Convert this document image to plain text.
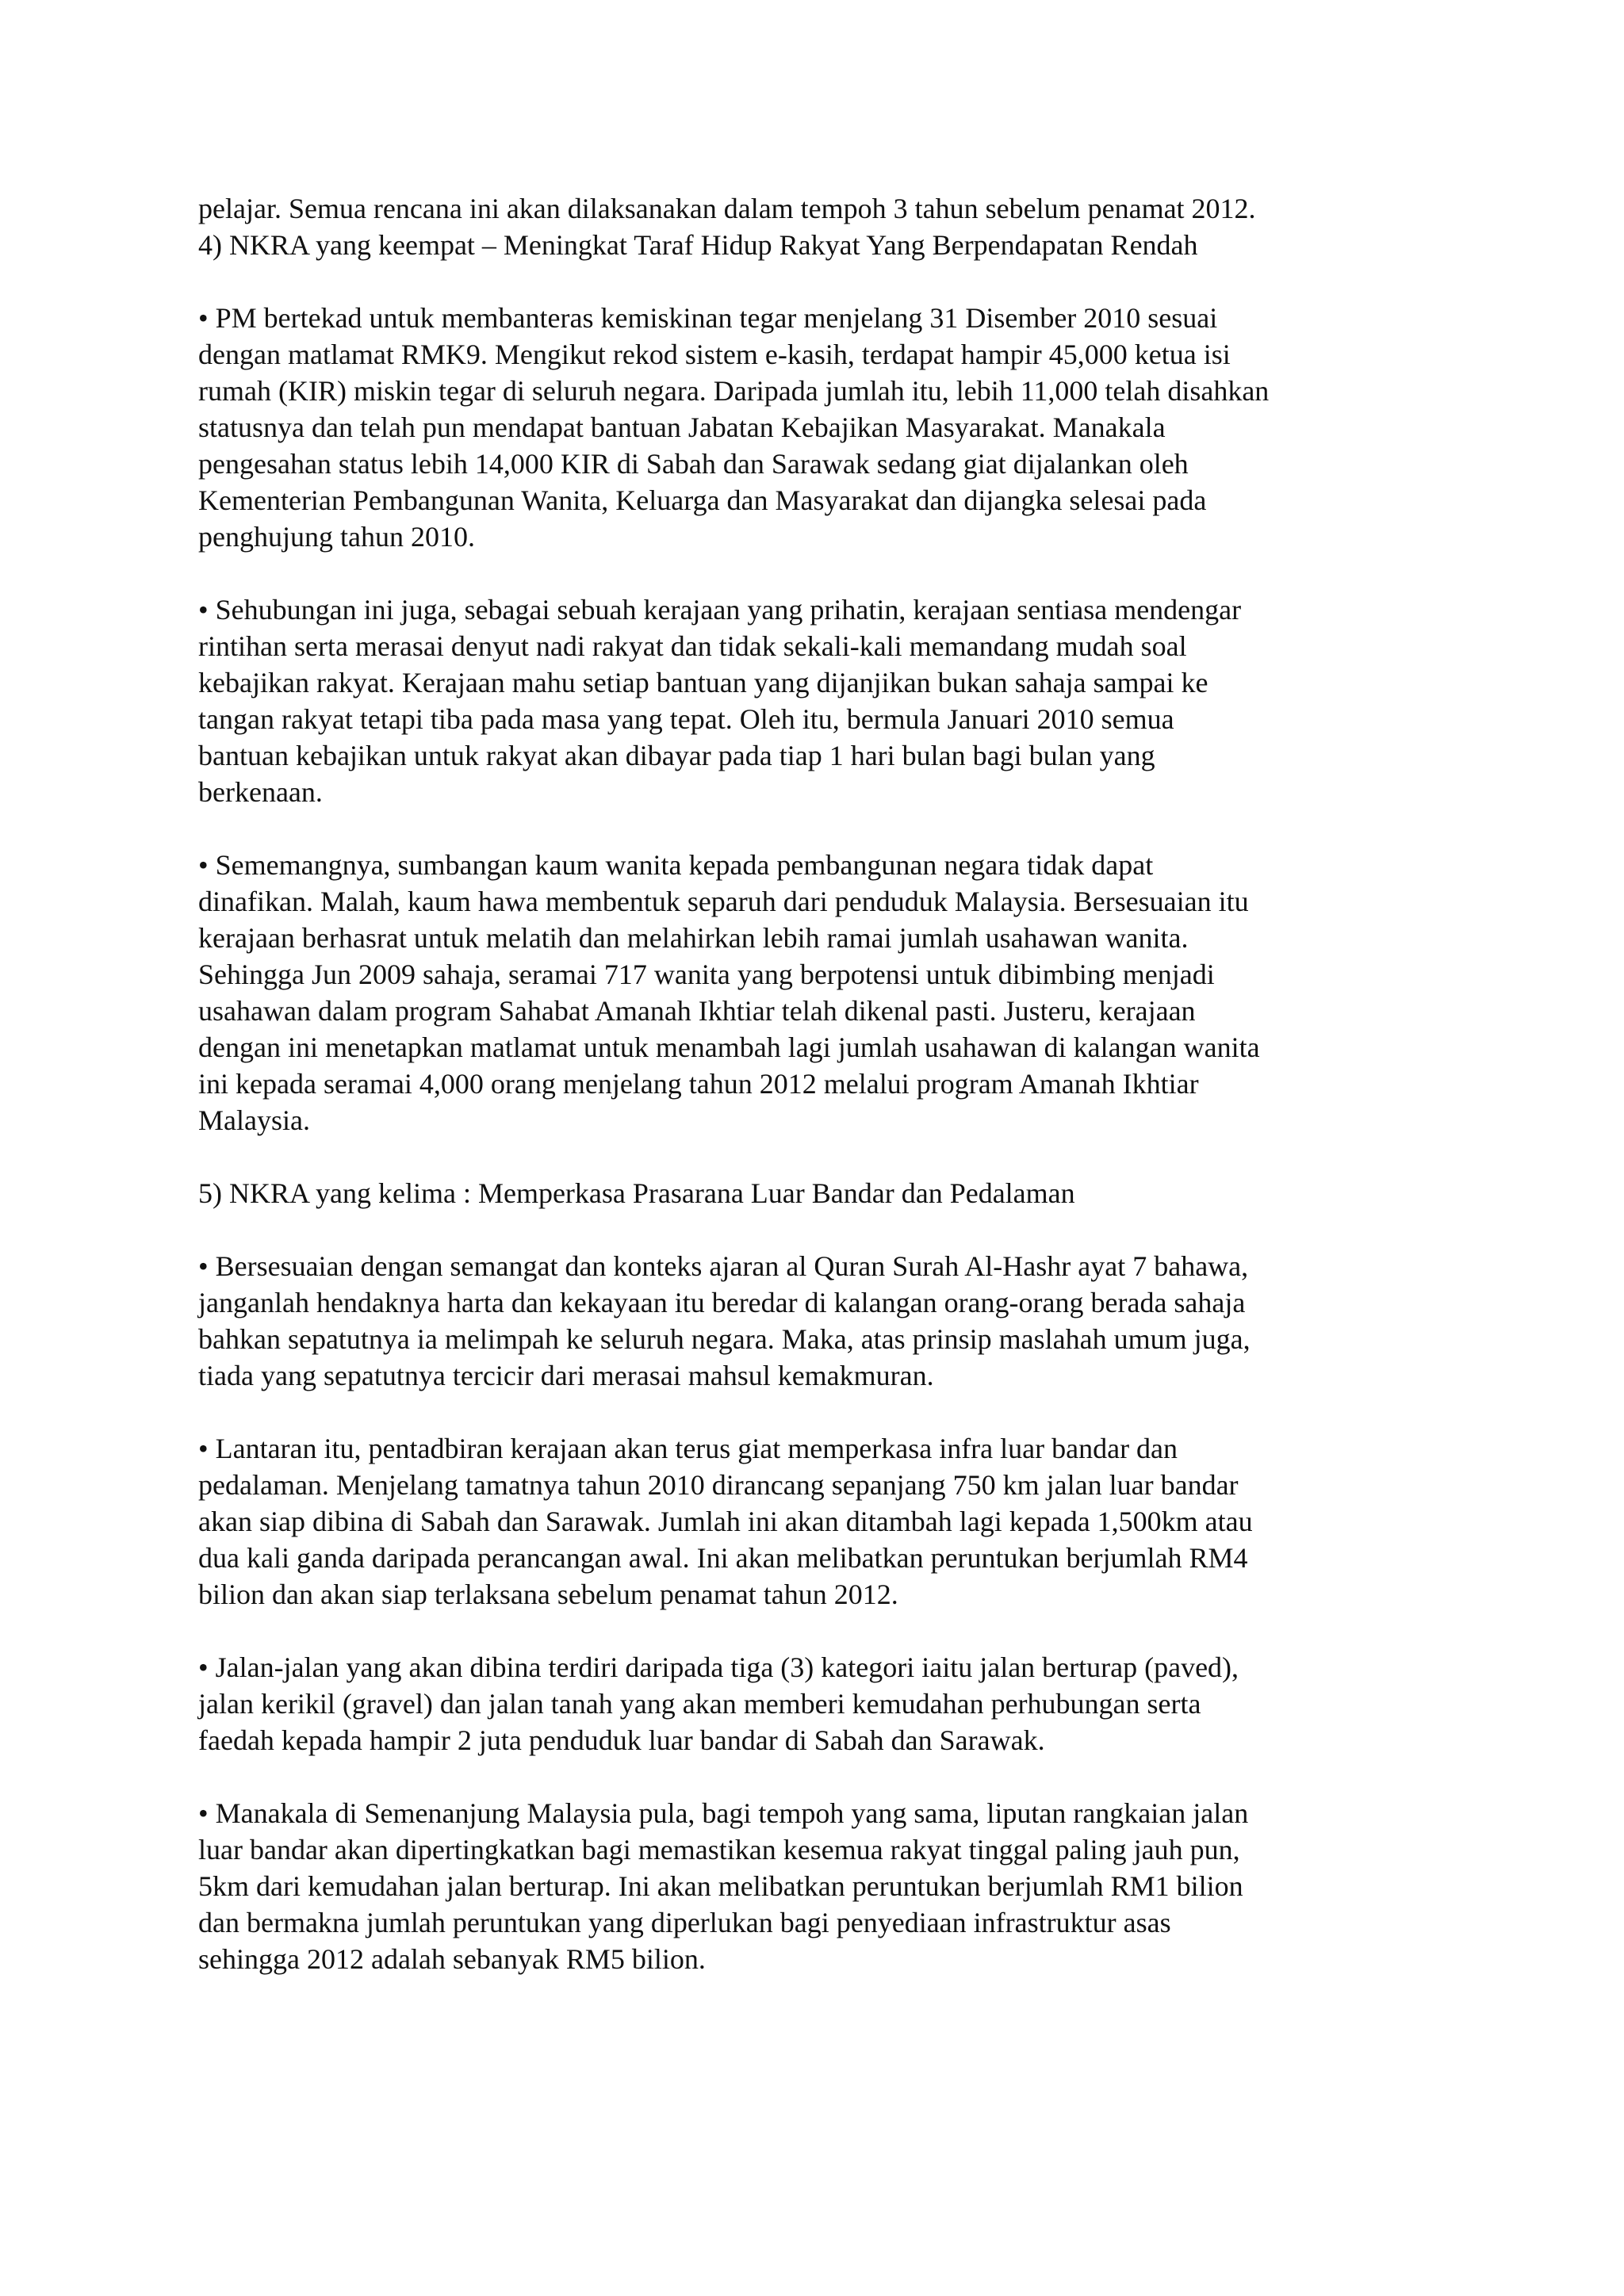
pelajar. Semua rencana ini akan dilaksanakan dalam tempoh 3 tahun sebelum penamat 2012.
4) NKRA yang keempat – Meningkat Taraf Hidup Rakyat Yang Berpendapatan Rendah
• PM bertekad untuk membanteras kemiskinan tegar menjelang 31 Disember 2010 sesuai
dengan matlamat RMK9. Mengikut rekod sistem e-kasih, terdapat hampir 45,000 ketua isi
rumah (KIR) miskin tegar di seluruh negara. Daripada jumlah itu, lebih 11,000 telah disahkan
statusnya dan telah pun mendapat bantuan Jabatan Kebajikan Masyarakat. Manakala
pengesahan status lebih 14,000 KIR di Sabah dan Sarawak sedang giat dijalankan oleh
Kementerian Pembangunan Wanita, Keluarga dan Masyarakat dan dijangka selesai pada
penghujung tahun 2010.
• Sehubungan ini juga, sebagai sebuah kerajaan yang prihatin, kerajaan sentiasa mendengar
rintihan serta merasai denyut nadi rakyat dan tidak sekali-kali memandang mudah soal
kebajikan rakyat. Kerajaan mahu setiap bantuan yang dijanjikan bukan sahaja sampai ke
tangan rakyat tetapi tiba pada masa yang tepat. Oleh itu, bermula Januari 2010 semua
bantuan kebajikan untuk rakyat akan dibayar pada tiap 1 hari bulan bagi bulan yang
berkenaan.
• Sememangnya, sumbangan kaum wanita kepada pembangunan negara tidak dapat
dinafikan. Malah, kaum hawa membentuk separuh dari penduduk Malaysia. Bersesuaian itu
kerajaan berhasrat untuk melatih dan melahirkan lebih ramai jumlah usahawan wanita.
Sehingga Jun 2009 sahaja, seramai 717 wanita yang berpotensi untuk dibimbing menjadi
usahawan dalam program Sahabat Amanah Ikhtiar telah dikenal pasti. Justeru, kerajaan
dengan ini menetapkan matlamat untuk menambah lagi jumlah usahawan di kalangan wanita
ini kepada seramai 4,000 orang menjelang tahun 2012 melalui program Amanah Ikhtiar
Malaysia.
5) NKRA yang kelima : Memperkasa Prasarana Luar Bandar dan Pedalaman
• Bersesuaian dengan semangat dan konteks ajaran al Quran Surah Al-Hashr ayat 7 bahawa,
janganlah hendaknya harta dan kekayaan itu beredar di kalangan orang-orang berada sahaja
bahkan sepatutnya ia melimpah ke seluruh negara. Maka, atas prinsip maslahah umum juga,
tiada yang sepatutnya tercicir dari merasai mahsul kemakmuran.
• Lantaran itu, pentadbiran kerajaan akan terus giat memperkasa infra luar bandar dan
pedalaman. Menjelang tamatnya tahun 2010 dirancang sepanjang 750 km jalan luar bandar
akan siap dibina di Sabah dan Sarawak. Jumlah ini akan ditambah lagi kepada 1,500km atau
dua kali ganda daripada perancangan awal. Ini akan melibatkan peruntukan berjumlah RM4
bilion dan akan siap terlaksana sebelum penamat tahun 2012.
• Jalan-jalan yang akan dibina terdiri daripada tiga (3) kategori iaitu jalan berturap (paved),
jalan kerikil (gravel) dan jalan tanah yang akan memberi kemudahan perhubungan serta
faedah kepada hampir 2 juta penduduk luar bandar di Sabah dan Sarawak.
• Manakala di Semenanjung Malaysia pula, bagi tempoh yang sama, liputan rangkaian jalan
luar bandar akan dipertingkatkan bagi memastikan kesemua rakyat tinggal paling jauh pun,
5km dari kemudahan jalan berturap. Ini akan melibatkan peruntukan berjumlah RM1 bilion
dan bermakna jumlah peruntukan yang diperlukan bagi penyediaan infrastruktur asas
sehingga 2012 adalah sebanyak RM5 bilion.
